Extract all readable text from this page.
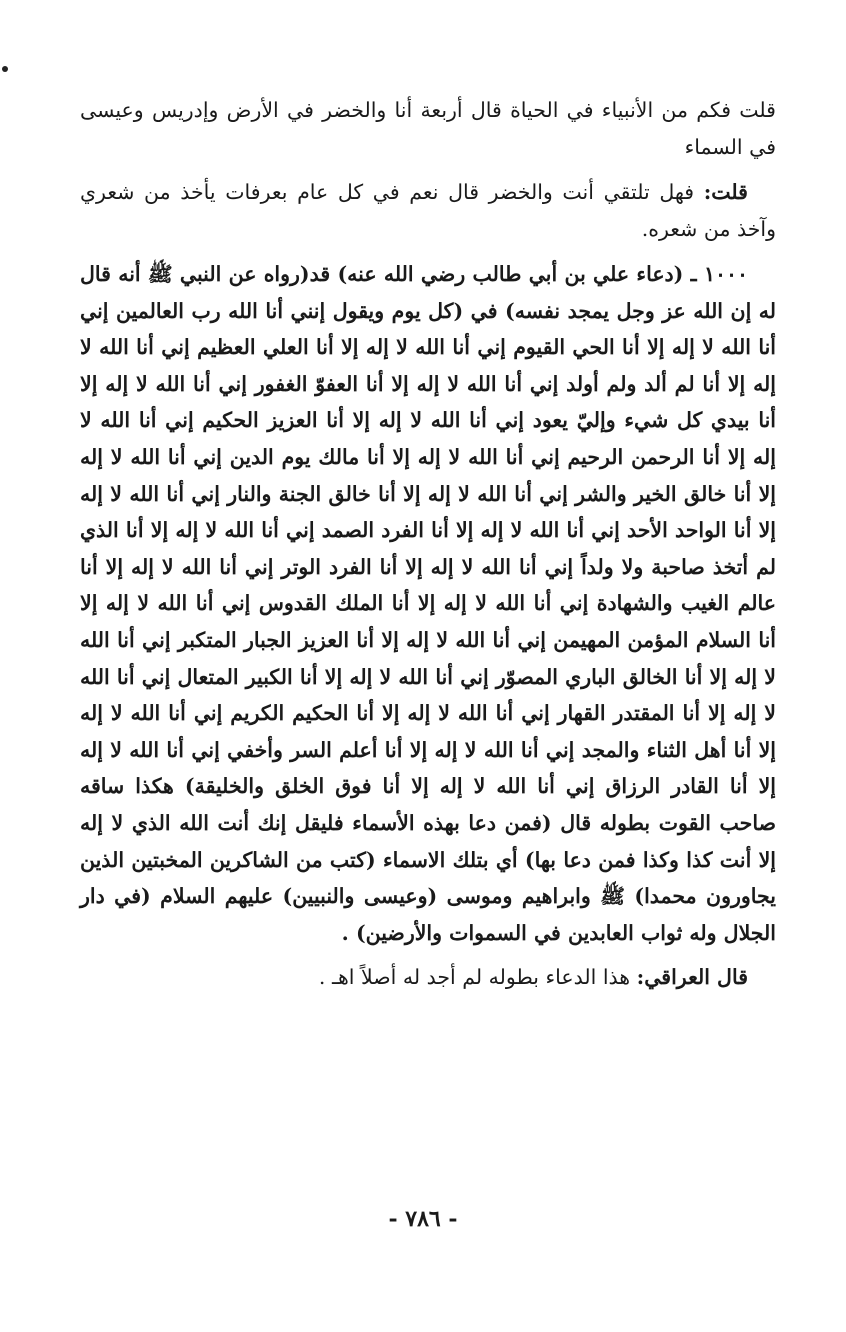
قلت فكم من الأنبياء في الحياة قال أربعة أنا والخضر في الأرض وإدريس وعيسى في السماء

قلت: فهل تلتقي أنت والخضر قال نعم في كل عام بعرفات يأخذ من شعري وآخذ من شعره.

١٠٠٠ ـ (دعاء علي بن أبي طالب رضي الله عنه) قد(رواه عن النبي ﷺ أنه قال له إن الله عز وجل يمجد نفسه) في (كل يوم ويقول إنني أنا الله رب العالمين إني أنا الله لا إله إلا أنا الحي القيوم إني أنا الله لا إله إلا أنا العلي العظيم إني أنا الله لا إله إلا أنا لم ألد ولم أولد إني أنا الله لا إله إلا أنا العفوّ الغفور إني أنا الله لا إله إلا أنا بيدي كل شيء وإليّ يعود إني أنا الله لا إله إلا أنا العزيز الحكيم إني أنا الله لا إله إلا أنا الرحمن الرحيم إني أنا الله لا إله إلا أنا مالك يوم الدين إني أنا الله لا إله إلا أنا خالق الخير والشر إني أنا الله لا إله إلا أنا خالق الجنة والنار إني أنا الله لا إله إلا أنا الواحد الأحد إني أنا الله لا إله إلا أنا الفرد الصمد إني أنا الله لا إله إلا أنا الذي لم أتخذ صاحبة ولا ولداً إني أنا الله لا إله إلا أنا الفرد الوتر إني أنا الله لا إله إلا أنا عالم الغيب والشهادة إني أنا الله لا إله إلا أنا الملك القدوس إني أنا الله لا إله إلا أنا السلام المؤمن المهيمن إني أنا الله لا إله إلا أنا العزيز الجبار المتكبر إني أنا الله لا إله إلا أنا الخالق الباري المصوّر إني أنا الله لا إله إلا أنا الكبير المتعال إني أنا الله لا إله إلا أنا المقتدر القهار إني أنا الله لا إله إلا أنا الحكيم الكريم إني أنا الله لا إله إلا أنا أهل الثناء والمجد إني أنا الله لا إله إلا أنا أعلم السر وأخفي إني أنا الله لا إله إلا أنا القادر الرزاق إني أنا الله لا إله إلا أنا فوق الخلق والخليقة) هكذا ساقه صاحب القوت بطوله قال (فمن دعا بهذه الأسماء فليقل إنك أنت الله الذي لا إله إلا أنت كذا وكذا فمن دعا بها) أي بتلك الاسماء (كتب من الشاكرين المخبتين الذين يجاورون محمدا) ﷺ وابراهيم وموسى (وعيسى والنبيين) عليهم السلام (في دار الجلال وله ثواب العابدين في السموات والأرضين) .

قال العراقي: هذا الدعاء بطوله لم أجد له أصلاً اهـ .

- ٧٨٦ -
